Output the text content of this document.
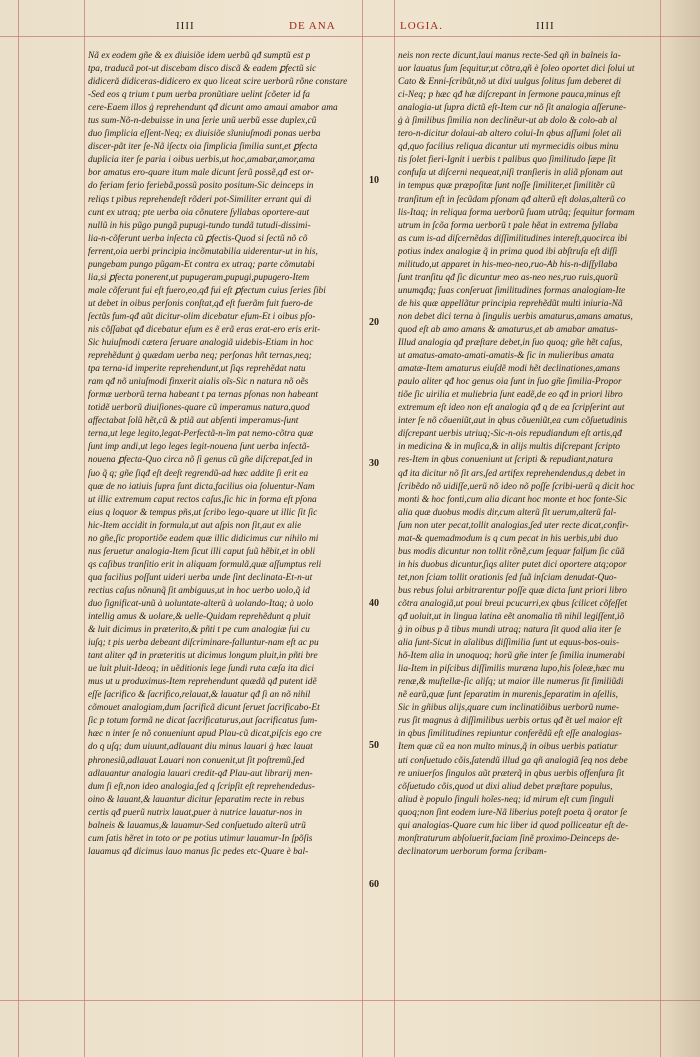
IIII	DE ANA	LOGIA.	IIII
Nã ex eodem gñe & ex diuisiõe idem uerbũ qđ sumptũ est p
tpa, traducã pot-ut discebam disco discã & eadem ꝑfectũ sic
didiceră didiceras-didicero ex quo liceat scire uerborũ rõne constare
-Sed eos q trium t pum uerba pronũtiare uelint ſcõeter id fa
cere-Eaem illos ġ reprehendunt qđ dicunt amo amaui amabor ama
tus sum-Nõ-n-debuisse in una ſerie unũ uerbũ esse duplex,cũ
duo ſimplicia eſſent-Neq; ex diuisiõe sĩuniuſmodi ponas uerba
discer-pãt iter ſe-Nã iſectx oia ſimplicia ſimilia sunt,et ꝑfecta
duplicia iter ſe paria i oibus uerbis,ut hoc,amabar,amor,ama
bor amatus ero-quare itum male dicunt ſerũ possẽ,qđ est or-
do feriam ferio feriebã,possũ posito positum-Sic deinceps in
reliqs t pibus reprehendeſt rõderi pot-Similiter errant qui di
cunt ex utraq; pte uerba oia cõnutere ſyllabas oportere-aut
nullũ in his pũgo pungã pupugi-tundo tundã tutudi-dissimi-
lia-n-cõferunt uerba inſecta cũ ꝑfectis-Quod si ſectũ nõ cõ
ferrent,oia uerbi principia incõmutabilia uiderentur-ut in his,
pungebam pungo pũgam-Et contra ex utraq; parte cõmutabi
lia,si ꝑfecta ponerent,ut pupugeram,pupugi,pupugero-Item
male cõferunt fui eſt fuero,eo,qđ fui eſt ꝑfectum cuius ſeries ſibi
ut debet in oibus perſonis conſtat,qđ eſt fuerãm fuit fuero-de
ſectũs fum-qđ aũt dicitur-olim dicebatur eſum-Et i oibus pſo-
nis cõſſabat qđ dicebatur eſum es ẽ erã eras erat-ero eris erit-
Sic huiuſmodi cætera ſeruare analogiã uidebis-Etiam in hoc
reprehẽdunt ġ quædam uerba neq; perſonas hñt ternas,neq;
tpa terna-id imperite reprehendunt,ut ſiqs reprehẽdat natu
ram qđ nõ uniuſmodi finxerit aialis oĩs-Sic n natura nõ oẽs
formæ uerborũ terna habeant t pa ternas pſonas non habeant
totidẽ uerborũ diuiſiones-quare cũ imperamus natura,quod
affectabat ſolũ hẽt,cũ & ptiã aut abſenti imperamus-ſunt
terna,ut lege legito,legat-Perfectã-n-ĩm pat nemo-cõtra quæ
ſunt imp andi,ut lego leges legit-nouena ſunt uerba inſectã-
nouena ꝑfecta-Quo circa nõ ſi genus cũ gñe diſcrepat,ſed in
ſuo q̃ q; gñe ſiqđ eſt deeſt regrendũ-ad hæc addite ſi erit ea
quæ de no iatiuis ſupra ſunt dicta,facilius oia ſoluentur-Nam
ut illic extremum caput rectos caſus,ſic hic in forma eſt pſona
eius q loquor & tempus pñs,ut ſcribo lego-quare ut illic ſit ſic
hic-Item accidit in formula,ut aut aſpis non ſit,aut ex alie
no gñe,ſic proportiõe eadem quæ illic didicimus cur nihilo mi
nus ſeruetur analogia-Item ſicut illi caput ſuũ hẽbit,et in obli
qs caſibus tranſitio erit in aliquam formulã,quæ aſſumptus reli
qua facilius poſſunt uideri uerba unde ſint declinata-Et-n-ut
rectius caſus nõnunq̃ ſit ambiguus,ut in hoc uerbo uolo,q̃ id
duo ſignificat-unũ à uoluntate-alterũ à uolando-Itaq; à uolo
intellig amus & uolare,& uelle-Quidam reprehẽdunt q pluit
& luit dicimus in præterito,& pñti t pe cum analogiæ ſui cu
iuſq; t pis uerba debeant diſcriminare-falluntur-nam eſt ac pu
tant aliter qđ in præteritis ut dicimus longum pluit,in pñti bre
ue luit pluit-Ideoq; in uẽditionis lege ſundi ruta cæſa ita dici
mus ut u produximus-Item reprehendunt quædã qđ putent idẽ
eſſe ſacrifico & ſacrifico,relauat,& lauatur qđ ſi an nõ nihil
cõmouet analogiam,dum ſacrificã dicunt ſeruet ſacrificabo-Et
ſic p totum formã ne dicat ſacrificaturus,aut ſacrificatus ſum-
hæc n inter ſe nõ conueniunt apud Plau-cũ dicat,piſcis ego cre
do q uſq; dum uiuunt,adlauant diu minus lauari ġ hæc lauat
phronesiũ,adlauat Lauari non conuenit,ut ſit poſtremũ,ſed
adlauantur analogia lauari credit-qđ Plau-aut librarij men-
dum ſi eſt,non ideo analogia,ſed q ſcripſit eſt reprehendedus-
oino & lauant,& lauantur dicitur ſeparatim recte in rebus
certis qđ puerũ nutrix lauat,puer à nutrice lauatur-nos in
balneis & lauamus,& lauamur-Sed conſuetudo alterũ utrũ
cum ſatis hẽret in toto or pe potius utimur lauamur-In ſpõſis
lauamus qđ dicimus lauo manus ſic pedes etc-Quare è bal-
neis non recte dicunt,laui manus recte-Sed qñ in balneis la-
uor lauatus ſum ſequitur,ut cõtra,qñ è ſoleo oportet dici ſolui ut
Cato & Enni-ſcribũt,nõ ut dixi uulgus ſolitus ſum deberet di
ci-Neq; p hæc qđ hæ diſcrepant in ſermone pauca,minus eſt
analogia-ut ſupra dictũ eſt-Item cur nõ ſit analogia aſſerune-
ġ à ſimilibus ſimilia non declinẽur-ut ab dolo & colo-ab al
tero-n-dicitur dolaui-ab altero colui-In qbus aſſumi ſolet ali
qd,quo facilius reliqua dicantur uti myrmecidis oibus minu
tis ſolet fieri-Ignit i uerbis t palibus quo ſimilitudo ſæpe ſit
confuſa ut diſcerni nequeat,niſi tranſieris in aliã pſonam aut
in tempus quæ præpoſitæ ſunt noſſe ſimiliter,et ſimilitẽr cũ
tranſitum eſt in ſecũdam pſonam qđ alterũ eſt dolas,alterũ co
lis-Itaq; in reliqua forma uerborũ ſuam utrũq; ſequitur formam
utrum in ſcõa forma uerborũ t pale hẽat in extrema ſyllaba
as cum is-ad diſcernẽdas diſſimilitudines intereſt,quocirca ibi
potius index analogiæ q̃ in prima quod ibi abſtruſa eſt diſſi
militudo,ut apparet in his-meo-neo,ruo-Ab his-n-diſſyllaba
ſunt tranſitu qđ ſic dicuntur meo as-neo nes,ruo ruis,quorũ
unumqđq; ſuas conſeruat ſimilitudines formas analogiam-Ite
de his quæ appellãtur principia reprehẽdũt multi iniuria-Nã
non debet dici terna à ſingulis uerbis amaturus,amans amatus,
quod eſt ab amo amans & amaturus,et ab amabar amatus-
Illud analogia qđ præſtare debet,in ſuo quoq; gñe hẽt caſus,
ut amatus-amato-amati-amatis-& ſic in mulieribus amata
amatæ-Item amaturus eiuſdẽ modi hẽt declinationes,amans
paulo aliter qđ hoc genus oia ſunt in ſuo gñe ſimilia-Propor
tiõe ſic uirilia et muliebria ſunt eadẽ,de eo qđ in priori libro
extremum eſt ideo non eſt analogia qđ q de ea ſcripſerint aut
inter ſe nõ cõueniũt,aut in qbus cõueniũt,ea cum cõſuetudinis
diſcrepant uerbis utriuq;-Sic-n-ois repudiandum eſt artis,qđ
in medicina & in muſica,& in alijs multis diſcrepant ſcripto
res-Item in qbus conueniunt ut ſcripti & repudiant,natura
qđ ita dicitur nõ ſit ars,ſed artifex reprehendendus,q debet in
ſcribẽdo nõ uidiſſe,uerũ nõ ideo nõ poſſe ſcribi-uerũ q dicit hoc
monti & hoc fonti,cum alia dicant hoc monte et hoc fonte-Sic
alia quæ duobus modis dir,cum alterũ ſit uerum,alterũ fal-
ſum non uter pecat,tollit analogias,ſed uter recte dicat,confir-
mat-& quemadmodum is q cum pecat in his uerbis,ubi duo
bus modis dicuntur non tollit rõnẽ,cum ſequar falſum ſic cũã
in his duobus dicuntur,ſiqs aliter putet dici oportere atq;opor
tet,non ſciam tollit orationis ſed ſuã inſciam denudat-Quo-
bus rebus ſolui arbitrarentur poſſe quæ dicta ſunt priori libro
cõtra analogiã,ut poui breui pcucurri,ex qbus ſcilicet cõfeſſet
qđ uoluit,ut in lingua latina eẽt anomalia tñ nihil legiſſent,iõ
ġ in oibus p ã tibus mundi utraq; natura ſit quod alia iter ſe
alia ſunt-Sicut in aĩalibus diſſimilia ſunt ut equus-bos-ouis-
hõ-Item alia in unoquoq; horũ gñe inter ſe ſimilia inumerabi
lia-Item in piſcibus diſſimilis muræna lupo,his ſoleæ,hæc mu
renæ,& muſtellæ-ſic aliſq; ut maior ille numerus ſit ſimiliũdi
nẽ earũ,quæ ſunt ſeparatim in murenis,ſeparatim in aſellis,
Sic in gñibus alijs,quare cum inclinatiõibus uerborũ nume-
rus ſit magnus à diſſimilibus uerbis ortus qđ ẽt uel maior eſt
in qbus ſimilitudines repiuntur conferẽdũ eſt eſſe analogias-
Item quæ cũ ea non multo minus,q̃ in oibus uerbis patiatur
uti conſuetudo cõis,ſatendũ illud ga qñ analogiã ſeq nos debe
re uniuerſos ſingulos aũt præterq̃ in qbus uerbis offenſura ſit
cõſuetudo cõis,quod ut dixi aliud debet præſtare populus,
aliud è populo ſinguli hoĩes-neq; id mirum eſt cum ſinguli
quoq;non ſint eodem iure-Nã liberius poteſt poeta q̃ orator ſe
qui analogias-Quare cum hic liber id quod polliceatur eſt de-
monſtraturum abſoluerit,faciam ſinẽ proximo-Deinceps de-
declinatorum uerborum forma ſcribam-
10
20
30
40
50
60
